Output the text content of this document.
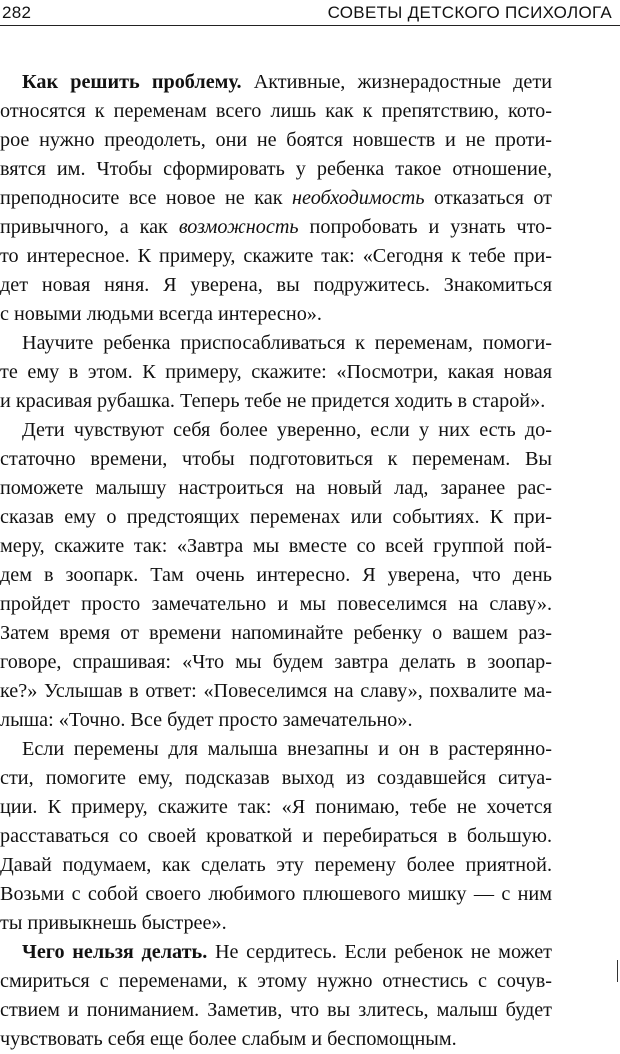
282	СОВЕТЫ ДЕТСКОГО ПСИХОЛОГА

Как решить проблему. Активные, жизнерадостные дети
относятся к переменам всего лишь как к препятствию, кото-
рое нужно преодолеть, они не боятся новшеств и не проти-
вятся им. Чтобы сформировать у ребенка такое отношение,
преподносите все новое не как необходимость отказаться от
привычного, а как возможность попробовать и узнать что-
то интересное. К примеру, скажите так: «Сегодня к тебе при-
дет новая няня. Я уверена, вы подружитесь. Знакомиться
с новыми людьми всегда интересно».

Научите ребенка приспосабливаться к переменам, помоги-
те ему в этом. К примеру, скажите: «Посмотри, какая новая
и красивая рубашка. Теперь тебе не придется ходить в старой».

Дети чувствуют себя более уверенно, если у них есть до-
статочно времени, чтобы подготовиться к переменам. Вы
поможете малышу настроиться на новый лад, заранее рас-
сказав ему о предстоящих переменах или событиях. К при-
меру, скажите так: «Завтра мы вместе со всей группой пой-
дем в зоопарк. Там очень интересно. Я уверена, что день
пройдет просто замечательно и мы повеселимся на славу».
Затем время от времени напоминайте ребенку о вашем раз-
говоре, спрашивая: «Что мы будем завтра делать в зоопар-
ке?» Услышав в ответ: «Повеселимся на славу», похвалите ма-
лыша: «Точно. Все будет просто замечательно».

Если перемены для малыша внезапны и он в растерянно-
сти, помогите ему, подсказав выход из создавшейся ситуа-
ции. К примеру, скажите так: «Я понимаю, тебе не хочется
расставаться со своей кроваткой и перебираться в большую.
Давай подумаем, как сделать эту перемену более приятной.
Возьми с собой своего любимого плюшевого мишку — с ним
ты привыкнешь быстрее».

Чего нельзя делать. Не сердитесь. Если ребенок не может
смириться с переменами, к этому нужно отнестись с сочув-
ствием и пониманием. Заметив, что вы злитесь, малыш будет
чувствовать себя еще более слабым и беспомощным.
